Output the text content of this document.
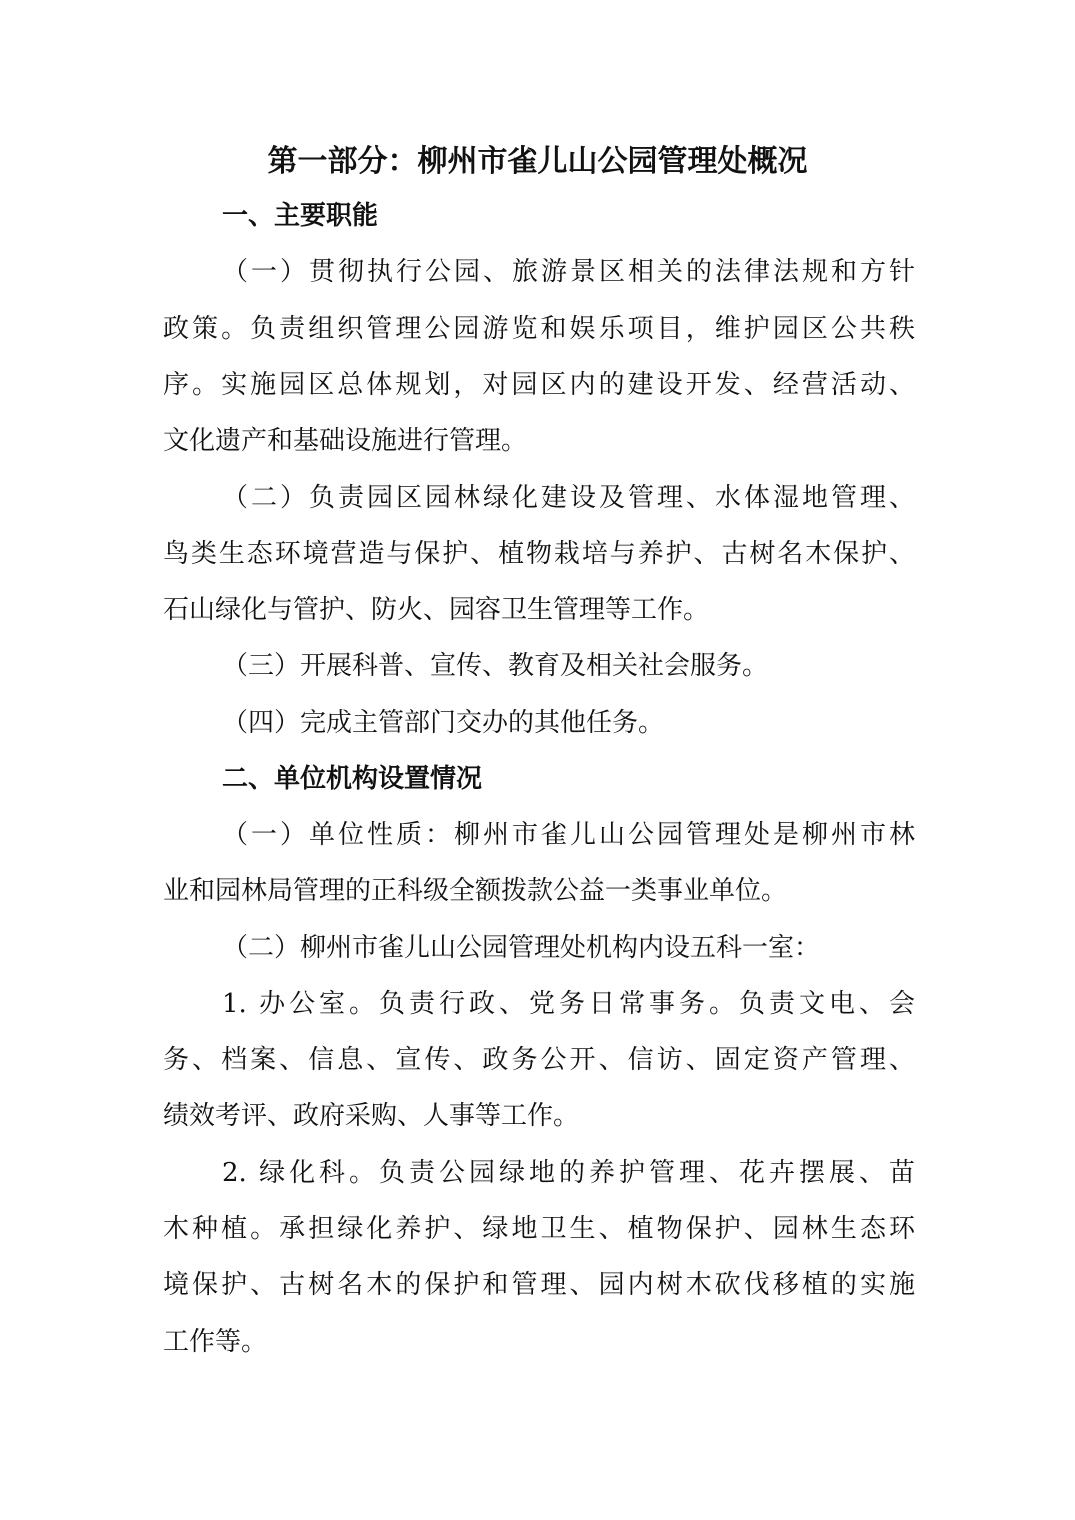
第一部分：柳州市雀儿山公园管理处概况
一、主要职能
（一）贯彻执行公园、旅游景区相关的法律法规和方针
政策。负责组织管理公园游览和娱乐项目，维护园区公共秩
序。实施园区总体规划，对园区内的建设开发、经营活动、
文化遗产和基础设施进行管理。
（二）负责园区园林绿化建设及管理、水体湿地管理、
鸟类生态环境营造与保护、植物栽培与养护、古树名木保护、
石山绿化与管护、防火、园容卫生管理等工作。
（三）开展科普、宣传、教育及相关社会服务。
（四）完成主管部门交办的其他任务。
二、单位机构设置情况
（一）单位性质：柳州市雀儿山公园管理处是柳州市林
业和园林局管理的正科级全额拨款公益一类事业单位。
（二）柳州市雀儿山公园管理处机构内设五科一室：
1. 办公室。负责行政、党务日常事务。负责文电、会
务、档案、信息、宣传、政务公开、信访、固定资产管理、
绩效考评、政府采购、人事等工作。
2. 绿化科。负责公园绿地的养护管理、花卉摆展、苗
木种植。承担绿化养护、绿地卫生、植物保护、园林生态环
境保护、古树名木的保护和管理、园内树木砍伐移植的实施
工作等。
